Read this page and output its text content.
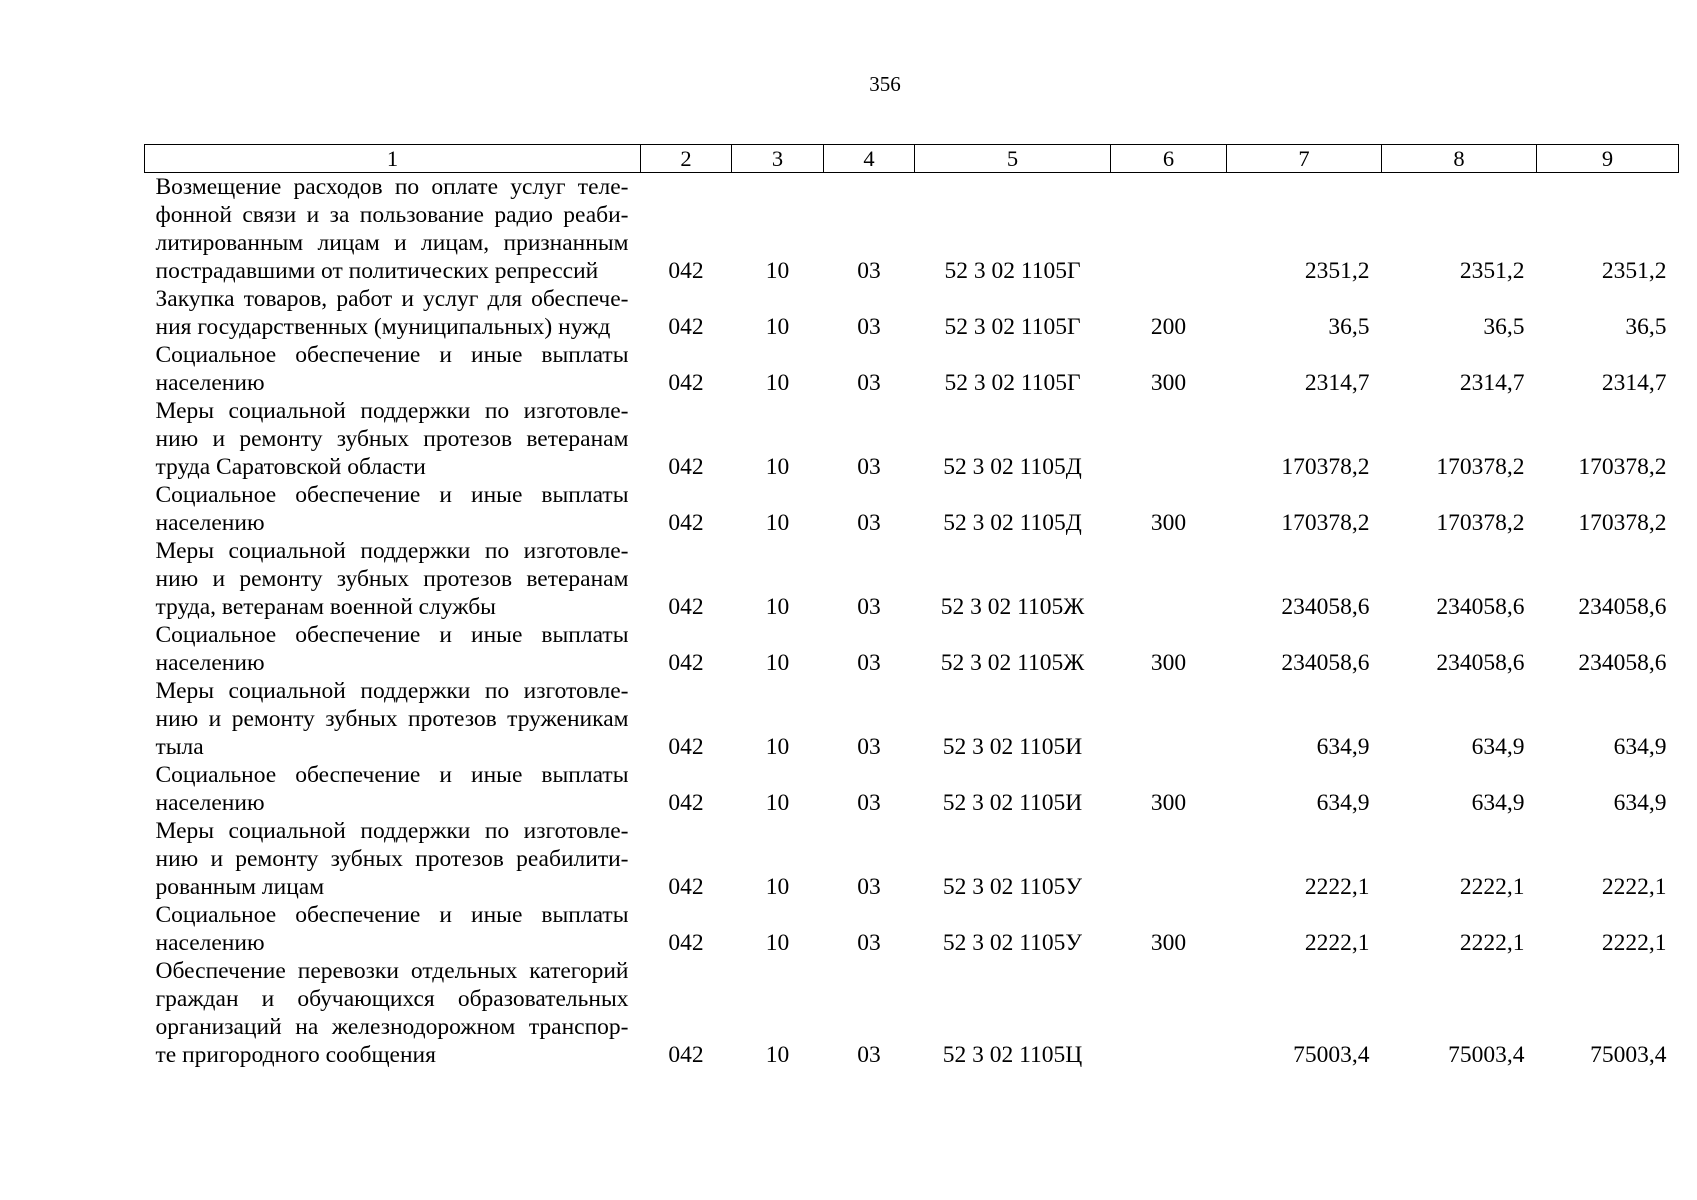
356
1	2	3	4	5	6	7	8	9
Возмещение расходов по оплате услуг теле- фонной связи и за пользование радио реаби- литированным лицам и лицам, признанным пострадавшими от политических репрессий	042	10	03	52 3 02 1105Г		2351,2	2351,2	2351,2
Закупка товаров, работ и услуг для обеспече- ния государственных (муниципальных) нужд	042	10	03	52 3 02 1105Г	200	36,5	36,5	36,5
Социальное обеспечение и иные выплаты населению	042	10	03	52 3 02 1105Г	300	2314,7	2314,7	2314,7
Меры социальной поддержки по изготовле- нию и ремонту зубных протезов ветеранам труда Саратовской области	042	10	03	52 3 02 1105Д		170378,2	170378,2	170378,2
Социальное обеспечение и иные выплаты населению	042	10	03	52 3 02 1105Д	300	170378,2	170378,2	170378,2
Меры социальной поддержки по изготовле- нию и ремонту зубных протезов ветеранам труда, ветеранам военной службы	042	10	03	52 3 02 1105Ж		234058,6	234058,6	234058,6
Социальное обеспечение и иные выплаты населению	042	10	03	52 3 02 1105Ж	300	234058,6	234058,6	234058,6
Меры социальной поддержки по изготовле- нию и ремонту зубных протезов труженикам тыла	042	10	03	52 3 02 1105И		634,9	634,9	634,9
Социальное обеспечение и иные выплаты населению	042	10	03	52 3 02 1105И	300	634,9	634,9	634,9
Меры социальной поддержки по изготовле- нию и ремонту зубных протезов реабилити- рованным лицам	042	10	03	52 3 02 1105У		2222,1	2222,1	2222,1
Социальное обеспечение и иные выплаты населению	042	10	03	52 3 02 1105У	300	2222,1	2222,1	2222,1
Обеспечение перевозки отдельных категорий граждан и обучающихся образовательных организаций на железнодорожном транспор- те пригородного сообщения	042	10	03	52 3 02 1105Ц		75003,4	75003,4	75003,4
